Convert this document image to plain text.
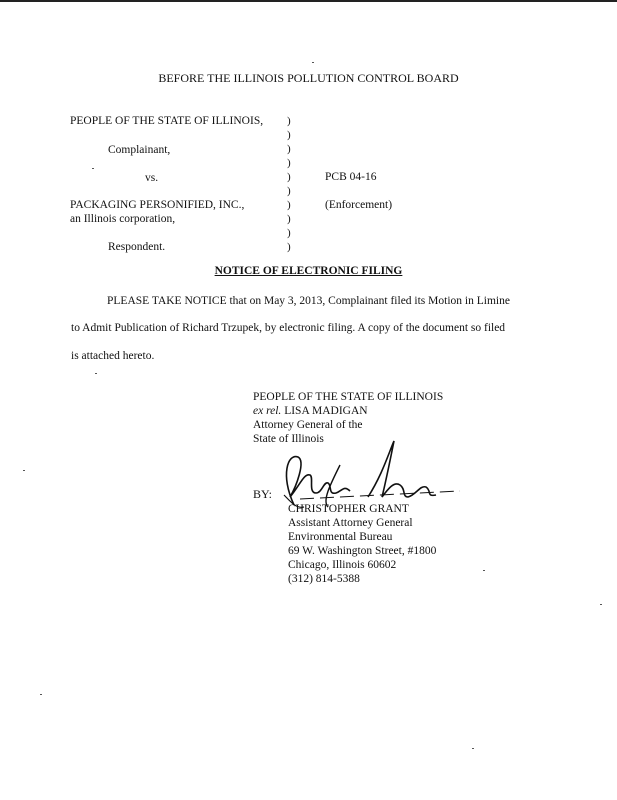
BEFORE THE ILLINOIS POLLUTION CONTROL BOARD
PEOPLE OF THE STATE OF ILLINOIS,
Complainant,
vs.
PACKAGING PERSONIFIED, INC.,
an Illinois corporation,
Respondent.
)
)
)
)
)
)
)
)
)
)
PCB 04-16
(Enforcement)
NOTICE OF ELECTRONIC FILING
PLEASE TAKE NOTICE that on May 3, 2013, Complainant filed its Motion in Limine
to Admit Publication of Richard Trzupek, by electronic filing. A copy of the document so filed
is attached hereto.
PEOPLE OF THE STATE OF ILLINOIS
ex rel. LISA MADIGAN
Attorney General of the
State of Illinois
BY:
CHRISTOPHER GRANT
Assistant Attorney General
Environmental Bureau
69 W. Washington Street, #1800
Chicago, Illinois 60602
(312) 814-5388
